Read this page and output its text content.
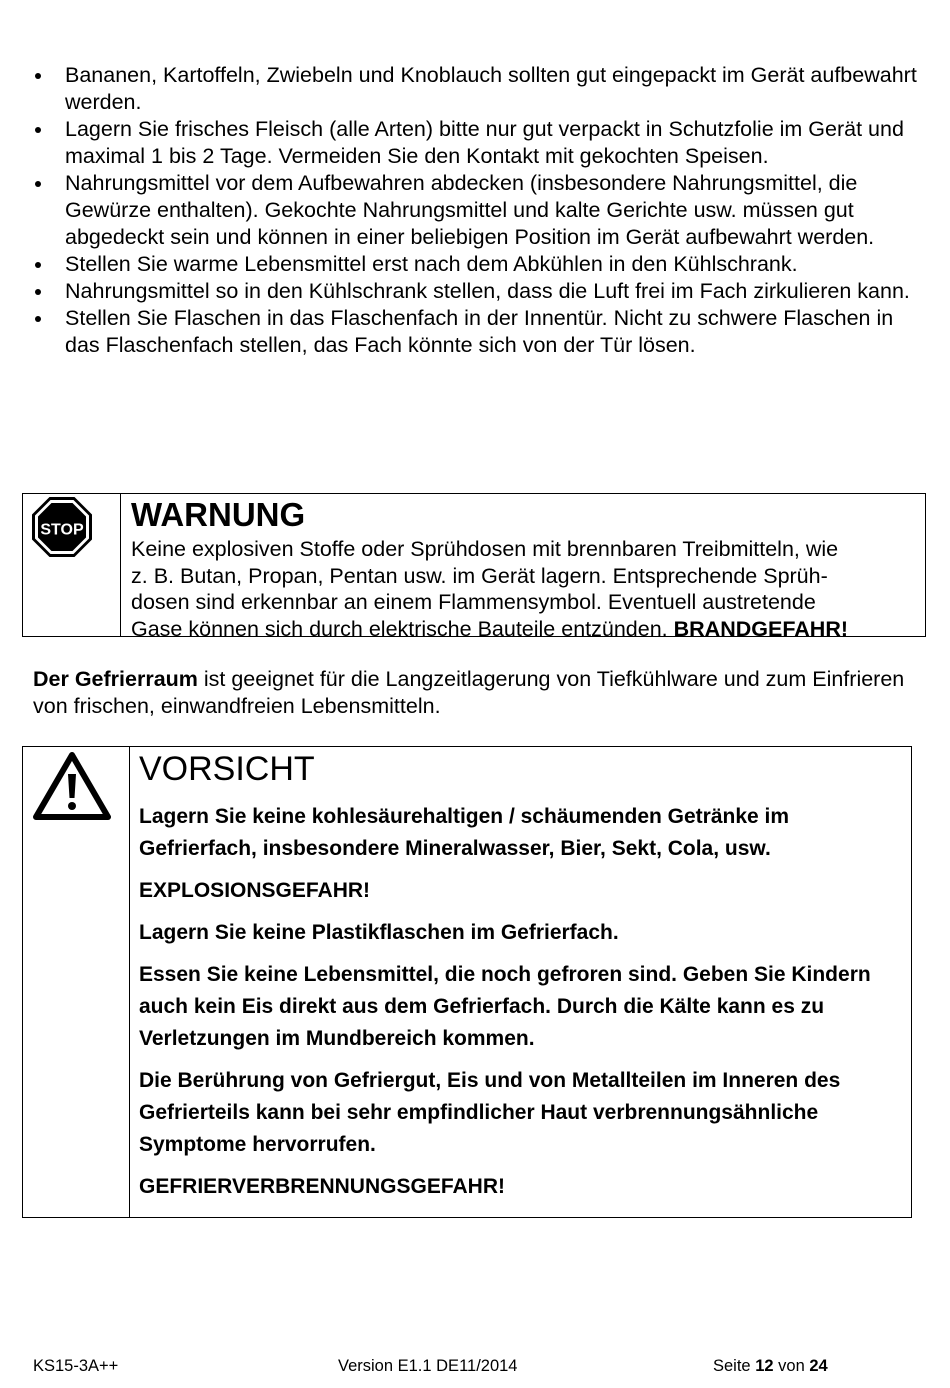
Bananen, Kartoffeln, Zwiebeln und Knoblauch sollten gut eingepackt im Gerät aufbewahrt werden.
Lagern Sie frisches Fleisch (alle Arten) bitte nur gut verpackt in Schutzfolie im Gerät und maximal 1 bis 2 Tage. Vermeiden Sie den Kontakt mit gekochten Speisen.
Nahrungsmittel vor dem Aufbewahren abdecken (insbesondere Nahrungsmittel, die Gewürze enthalten). Gekochte Nahrungsmittel und kalte Gerichte usw. müssen gut abgedeckt sein und können in einer beliebigen Position im Gerät aufbewahrt werden.
Stellen Sie warme Lebensmittel erst nach dem Abkühlen in den Kühlschrank.
Nahrungsmittel so in den Kühlschrank stellen, dass die Luft frei im Fach zirkulieren kann.
Stellen Sie Flaschen in das Flaschenfach in der Innentür. Nicht zu schwere Flaschen in das Flaschenfach stellen, das Fach könnte sich von der Tür lösen.
STOP WARNUNG
Keine explosiven Stoffe oder Sprühdosen mit brennbaren Treibmitteln, wie
z. B. Butan, Propan, Pentan usw. im Gerät lagern. Entsprechende Sprüh-
dosen sind erkennbar an einem Flammensymbol. Eventuell austretende
Gase können sich durch elektrische Bauteile entzünden. BRANDGEFAHR!
Der Gefrierraum ist geeignet für die Langzeitlagerung von Tiefkühlware und zum Einfrieren von frischen, einwandfreien Lebensmitteln.
VORSICHT

Lagern Sie keine kohlesäurehaltigen / schäumenden Getränke im Gefrierfach, insbesondere Mineralwasser, Bier, Sekt, Cola, usw.

EXPLOSIONSGEFAHR!

Lagern Sie keine Plastikflaschen im Gefrierfach.

Essen Sie keine Lebensmittel, die noch gefroren sind. Geben Sie Kindern auch kein Eis direkt aus dem Gefrierfach. Durch die Kälte kann es zu Verletzungen im Mundbereich kommen.

Die Berührung von Gefriergut, Eis und von Metallteilen im Inneren des Gefrierteils kann bei sehr empfindlicher Haut verbrennungsähnliche Symptome hervorrufen.

GEFRIERVERBRENNUNGSGEFAHR!

KS15-3A++	Version E1.1 DE11/2014	Seite 12 von 24
